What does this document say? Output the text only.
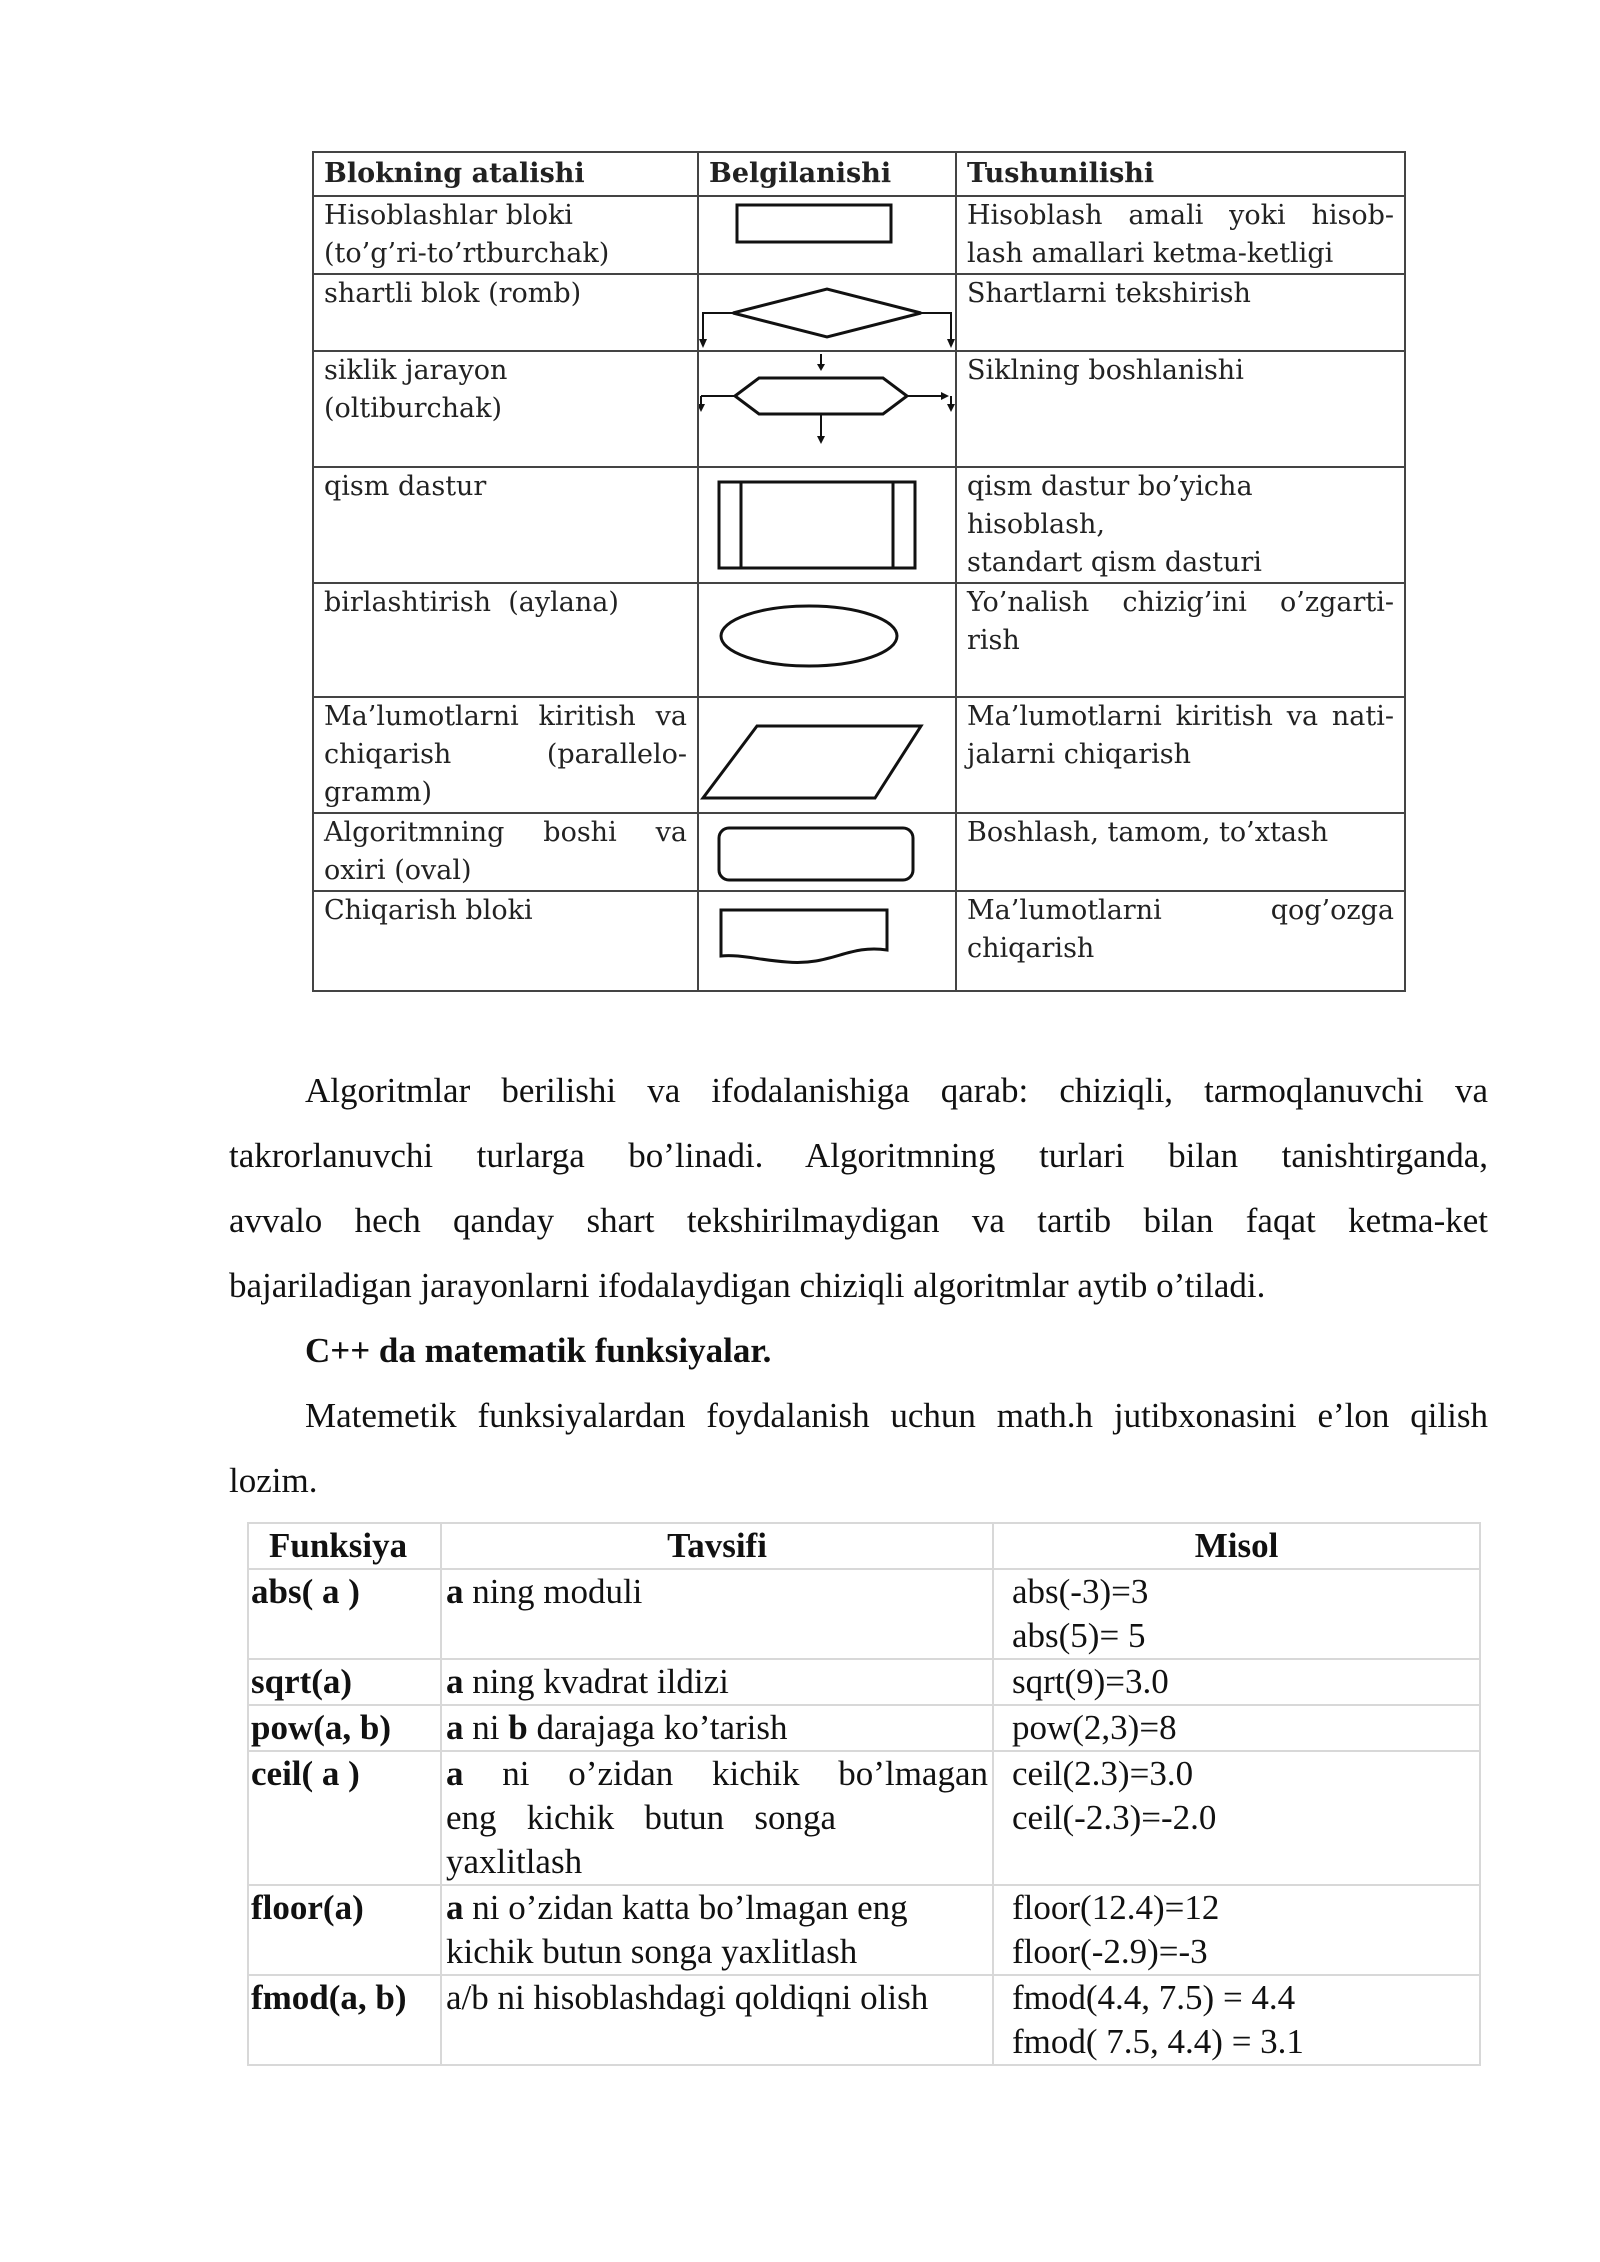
Blokning atalishi	Belgilanishi	Tushunilishi
Hisoblashlar bloki
(to’g’ri-to’rtburchak)		Hisoblash amali yoki hisob-
lash amallari ketma-ketligi
shartli blok (romb)		Shartlarni tekshirish
siklik jarayon
(oltiburchak)		Siklning boshlanishi
qism dastur		qism dastur bo’yicha hisoblash,
standart qism dasturi
birlashtirish  (aylana)		Yo’nalish chizig’ini o’zgarti-
rish

Ma’lumotlarni kiritish va
chiqarish (parallelo-
gramm)		Ma’lumotlarni kiritish va nati-
jalarni chiqarish

Algoritmning boshi va
oxiri (oval)		Boshlash, tamom, to’xtash
Chiqarish bloki		Ma’lumotlarni qog’ozga
chiqarish
Algoritmlar berilishi va ifodalanishiga qarab: chiziqli, tarmoqlanuvchi va
takrorlanuvchi turlarga bo’linadi. Algoritmning turlari bilan tanishtirganda,
avvalo hech qanday shart tekshirilmaydigan va tartib bilan faqat ketma-ket
bajariladigan jarayonlarni ifodalaydigan chiziqli algoritmlar aytib o’tiladi.
C++ da matematik funksiyalar.
Matemetik funksiyalardan foydalanish uchun math.h jutibxonasini e’lon qilish
lozim.
Funksiya	Tavsifi	Misol
abs( a )	a ning moduli	abs(-3)=3
abs(5)= 5
sqrt(a)	a ning kvadrat ildizi	sqrt(9)=3.0
pow(a, b)	a ni b darajaga ko’tarish	pow(2,3)=8
ceil( a )	a ni o’zidan kichik bo’lmagan
eng kichik butun songa
yaxlitlash	ceil(2.3)=3.0
ceil(-2.3)=-2.0
floor(a)	a ni o’zidan katta bo’lmagan eng
kichik butun songa yaxlitlash	floor(12.4)=12
floor(-2.9)=-3
fmod(a, b)	a/b ni hisoblashdagi qoldiqni olish	fmod(4.4, 7.5) = 4.4
fmod( 7.5, 4.4) = 3.1
